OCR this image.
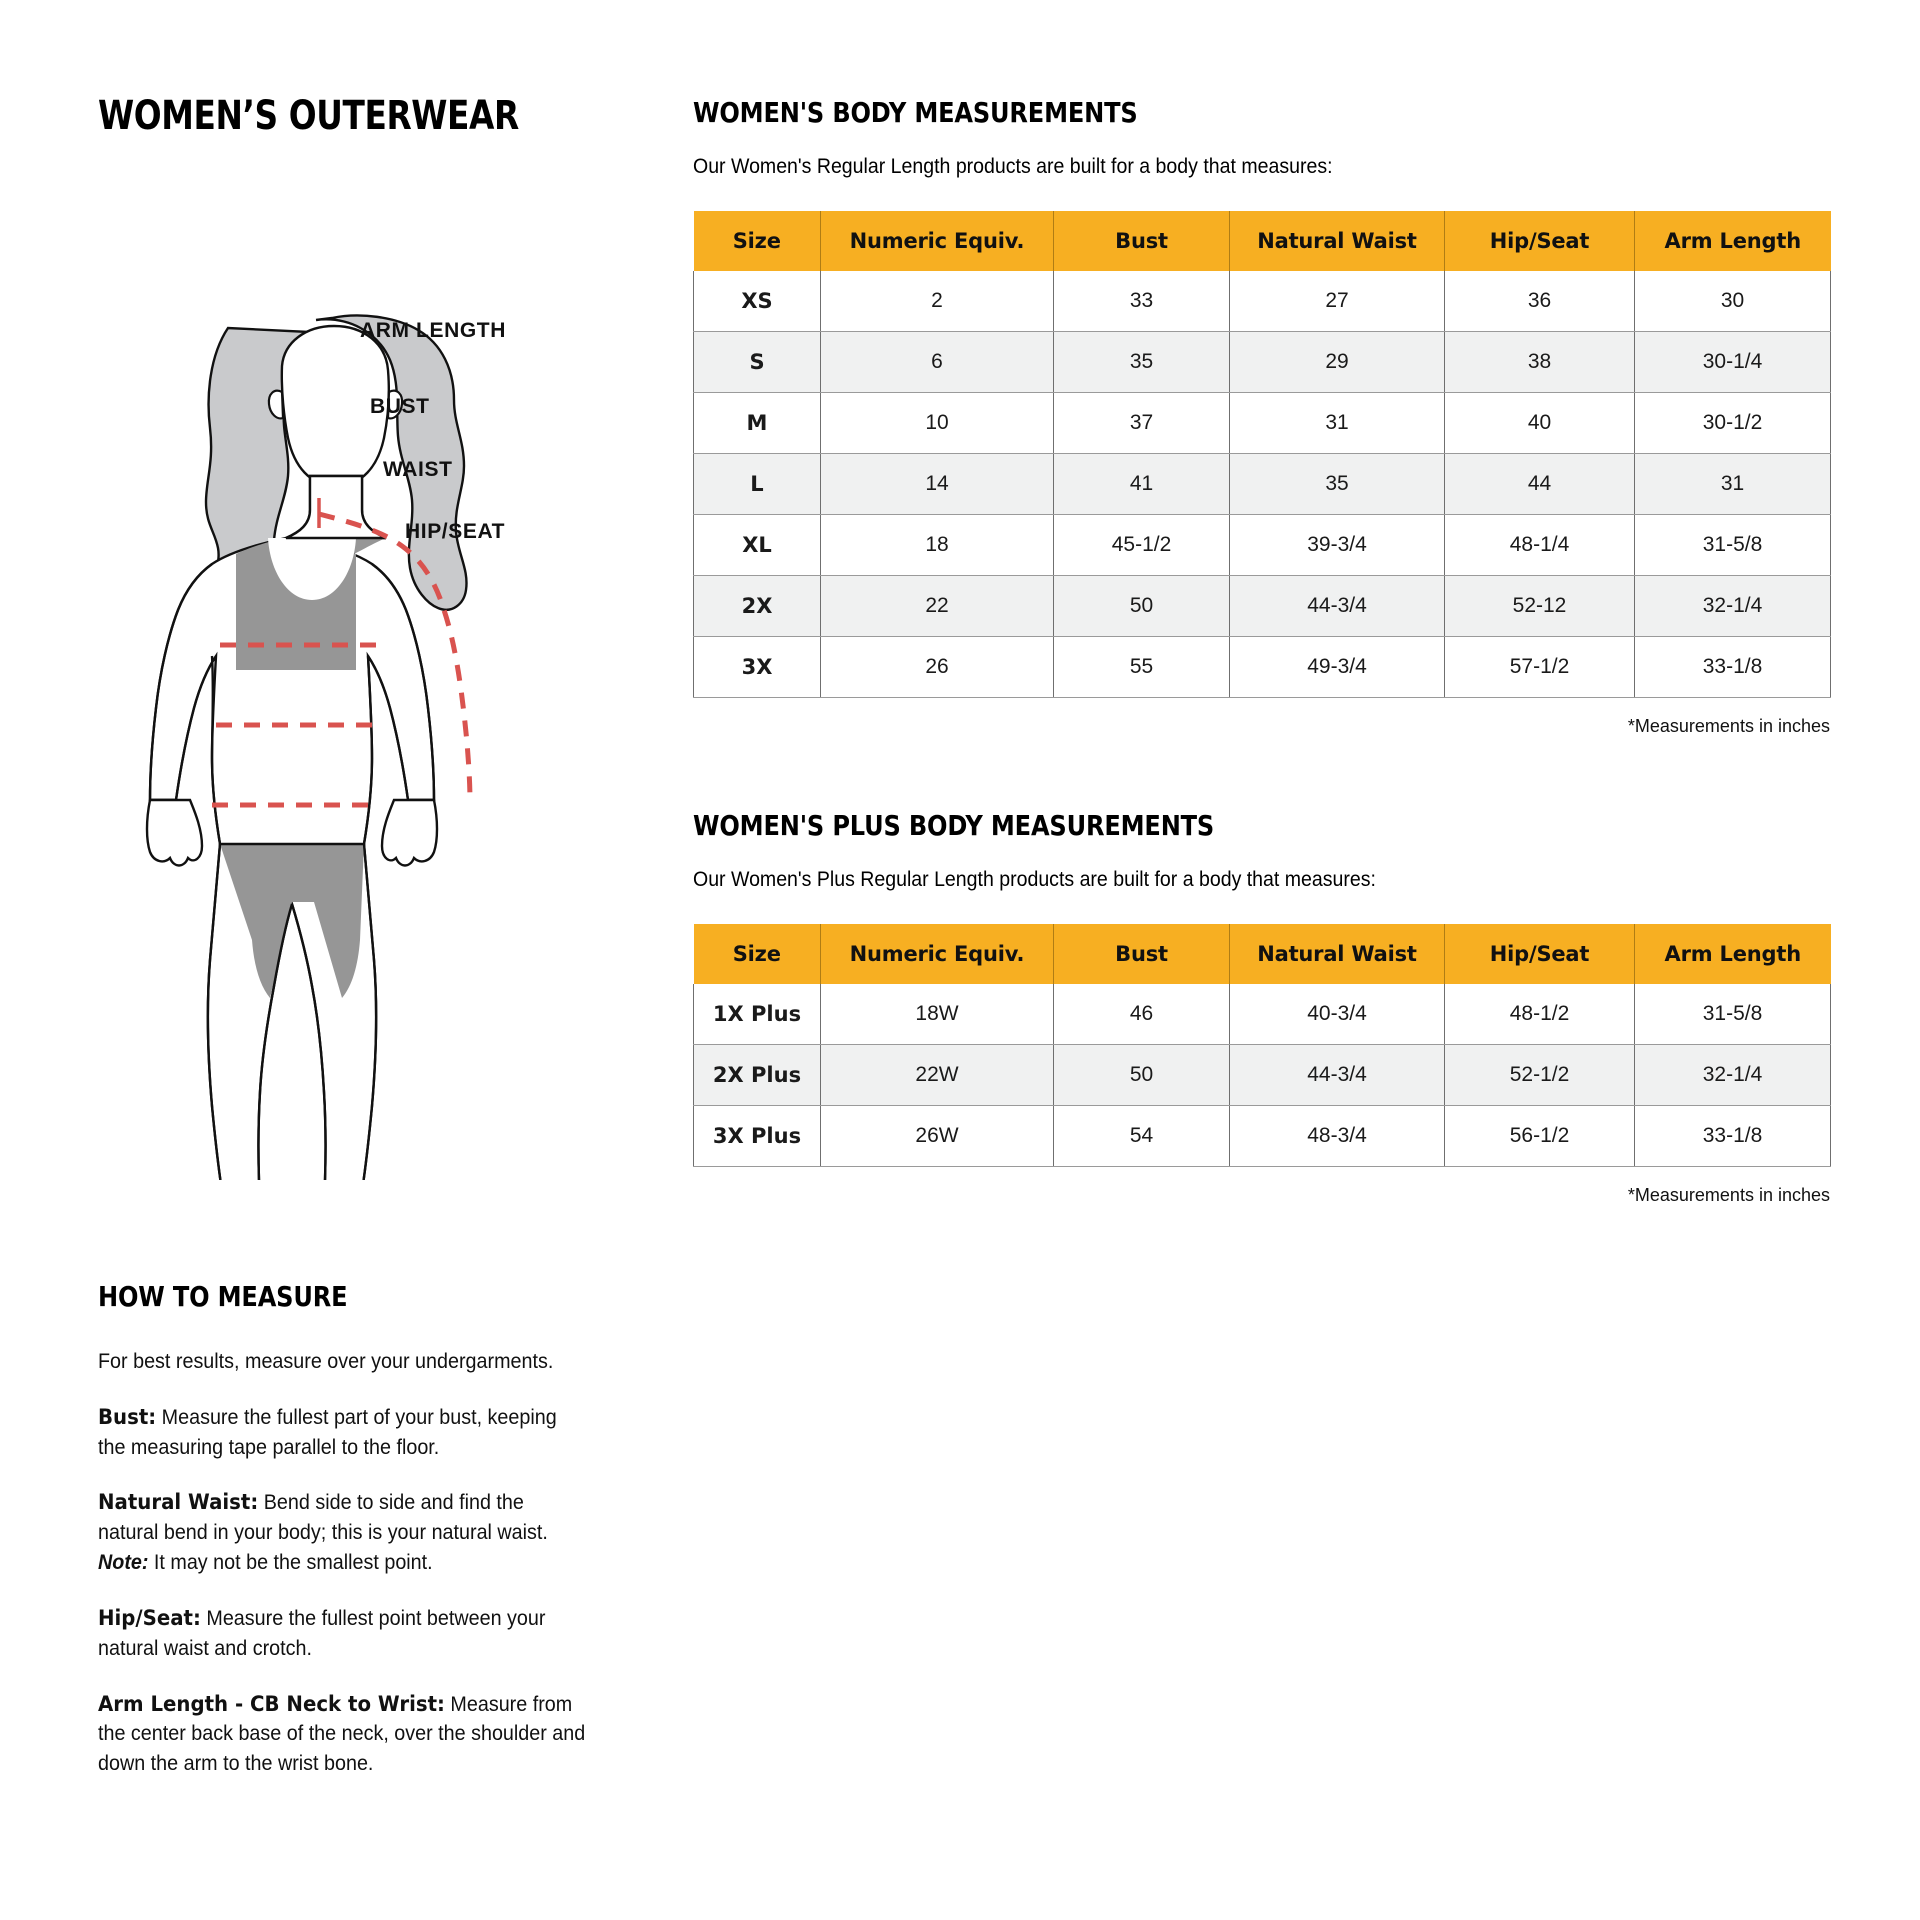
WOMEN’S OUTERWEAR
ARM LENGTH
BUST
WAIST
HIP/SEAT
WOMEN'S BODY MEASUREMENTS

Our Women's Regular Length products are built for a body that measures:

Size	Numeric Equiv.	Bust	Natural Waist	Hip/Seat	Arm Length
XS	2	33	27	36	30
S	6	35	29	38	30-1/4
M	10	37	31	40	30-1/2
L	14	41	35	44	31
XL	18	45-1/2	39-3/4	48-1/4	31-5/8
2X	22	50	44-3/4	52-12	32-1/4
3X	26	55	49-3/4	57-1/2	33-1/8
*Measurements in inches
WOMEN'S PLUS BODY MEASUREMENTS

Our Women's Plus Regular Length products are built for a body that measures:

Size	Numeric Equiv.	Bust	Natural Waist	Hip/Seat	Arm Length
1X Plus	18W	46	40-3/4	48-1/2	31-5/8
2X Plus	22W	50	44-3/4	52-1/2	32-1/4
3X Plus	26W	54	48-3/4	56-1/2	33-1/8
*Measurements in inches
HOW TO MEASURE

For best results, measure over your undergarments.

Bust: Measure the fullest part of your bust, keeping the measuring tape parallel to the floor.

Natural Waist: Bend side to side and find the natural bend in your body; this is your natural waist. Note: It may not be the smallest point.

Hip/Seat: Measure the fullest point between your natural waist and crotch.

Arm Length - CB Neck to Wrist: Measure from the center back base of the neck, over the shoulder and down the arm to the wrist bone.
